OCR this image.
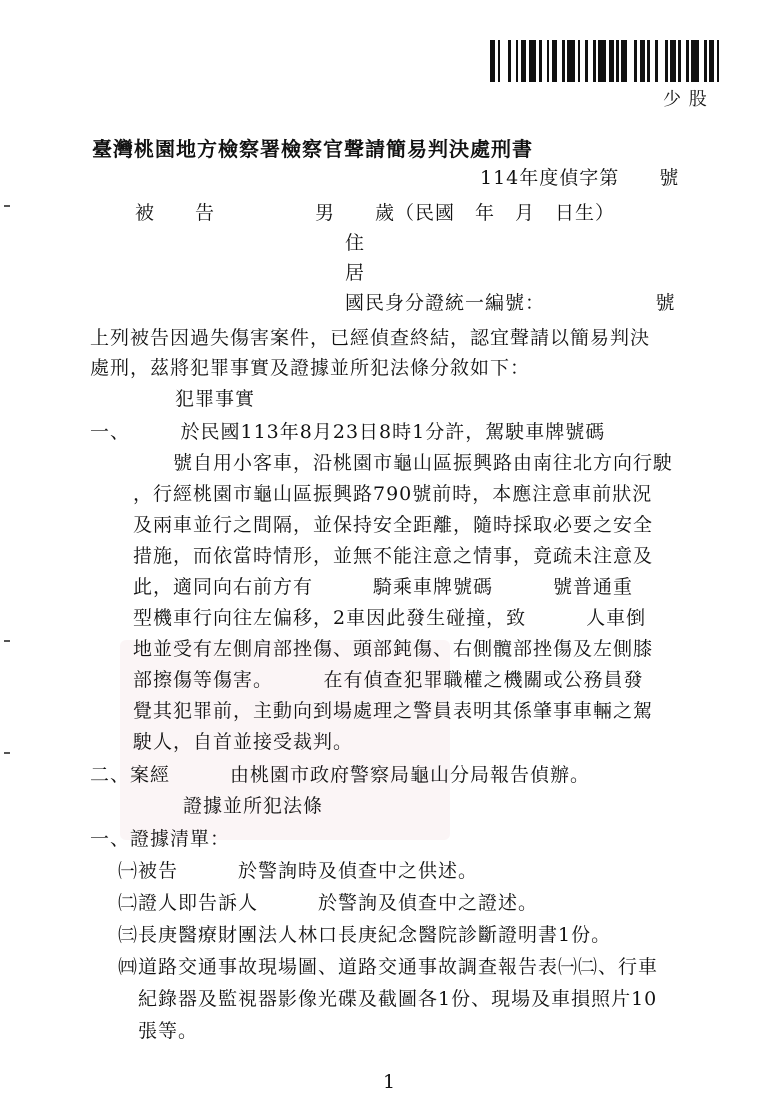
少 股
臺灣桃園地方檢察署檢察官聲請簡易判決處刑書
114年度偵字第　　號
被　　告　　　　　男　　歲（民國　年　月　日生）
住
居
國民身分證統一編號：　　　　　　號
上列被告因過失傷害案件，已經偵查終結，認宜聲請以簡易判決
處刑，茲將犯罪事實及證據並所犯法條分敘如下：
犯罪事實
一、　　　於民國113年8月23日8時1分許，駕駛車牌號碼
　　號自用小客車，沿桃園市龜山區振興路由南往北方向行駛
，行經桃園市龜山區振興路790號前時，本應注意車前狀況
及兩車並行之間隔，並保持安全距離，隨時採取必要之安全
措施，而依當時情形，並無不能注意之情事，竟疏未注意及
此，適同向右前方有　　　騎乘車牌號碼　　　號普通重
型機車行向往左偏移，2車因此發生碰撞，致　　　人車倒
地並受有左側肩部挫傷、頭部鈍傷、右側髖部挫傷及左側膝
部擦傷等傷害。　　　在有偵查犯罪職權之機關或公務員發
覺其犯罪前，主動向到場處理之警員表明其係肇事車輛之駕
駛人，自首並接受裁判。
二、案經　　　由桃園市政府警察局龜山分局報告偵辦。
證據並所犯法條
一、證據清單：
㈠被告　　　於警詢時及偵查中之供述。
㈡證人即告訴人　　　於警詢及偵查中之證述。
㈢長庚醫療財團法人林口長庚紀念醫院診斷證明書1份。
㈣道路交通事故現場圖、道路交通事故調查報告表㈠㈡、行車
　紀錄器及監視器影像光碟及截圖各1份、現場及車損照片10
　張等。
1
